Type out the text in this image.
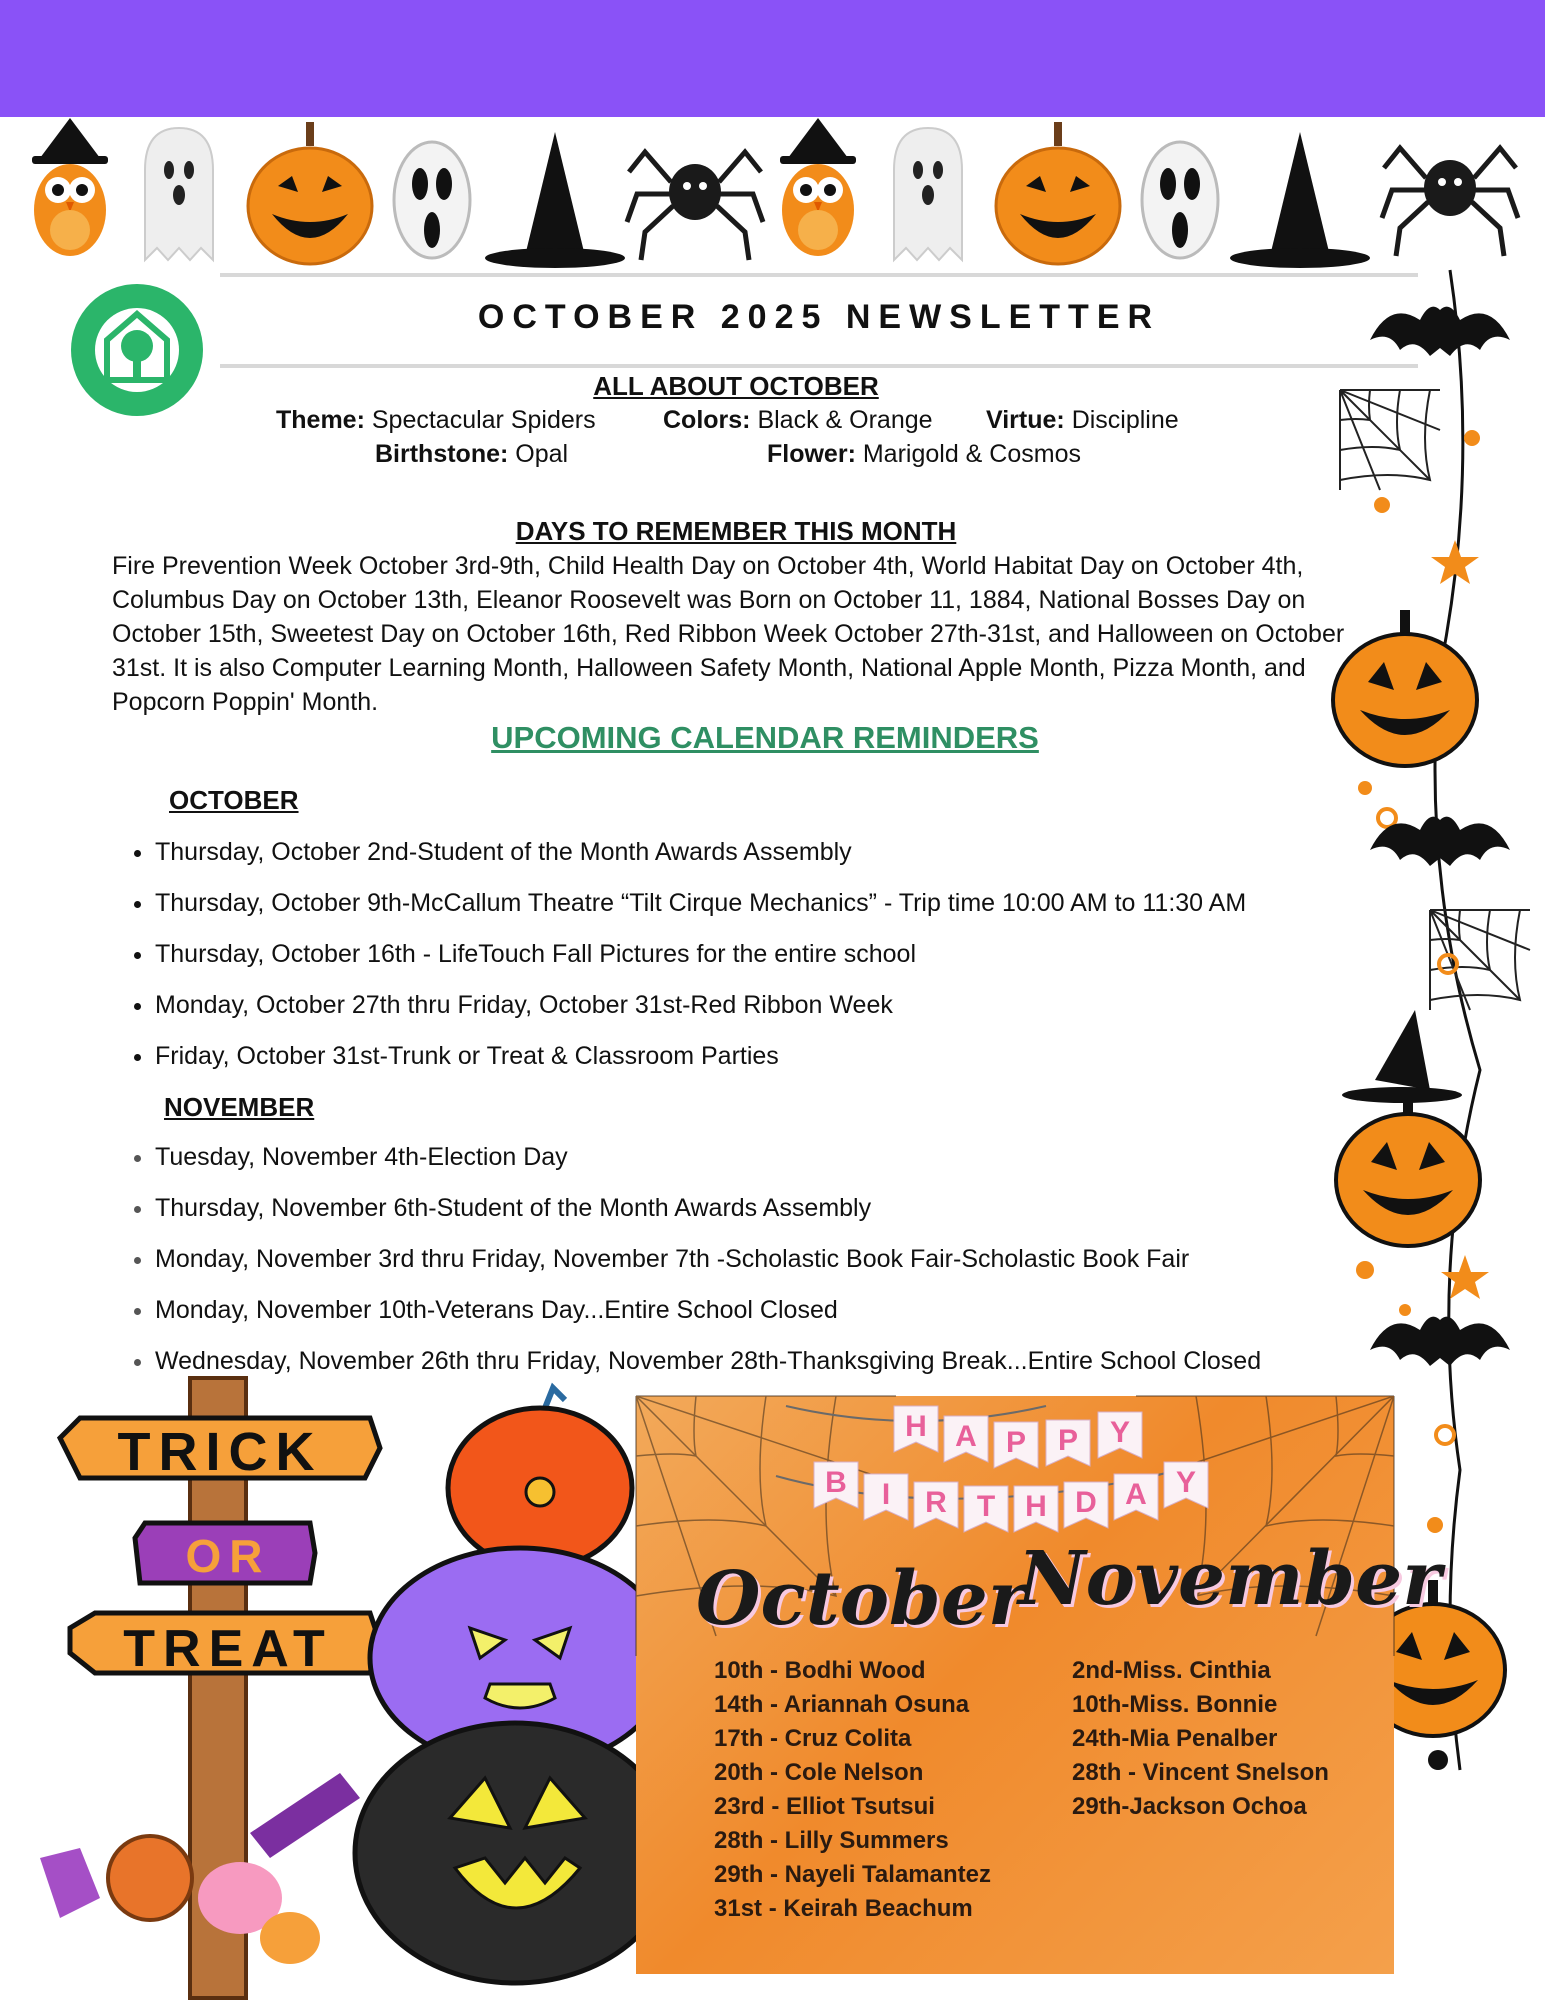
OCTOBER 2025 NEWSLETTER
ALL ABOUT OCTOBER
Theme: Spectacular Spiders	Colors: Black & Orange Virtue: Discipline
Birthstone: Opal	Flower: Marigold & Cosmos
DAYS TO REMEMBER THIS MONTH
Fire Prevention Week October 3rd-9th, Child Health Day on October 4th, World Habitat Day on October 4th, Columbus Day on October 13th, Eleanor Roosevelt was Born on October 11, 1884, National Bosses Day on October 15th, Sweetest Day on October 16th, Red Ribbon Week October 27th-31st, and Halloween on October 31st. It is also Computer Learning Month, Halloween Safety Month, National Apple Month, Pizza Month, and Popcorn Poppin' Month.
UPCOMING CALENDAR REMINDERS
OCTOBER
• Thursday, October 2nd-Student of the Month Awards Assembly
• Thursday, October 9th-McCallum Theatre “Tilt Cirque Mechanics” - Trip time 10:00 AM to 11:30 AM
• Thursday, October 16th - LifeTouch Fall Pictures for the entire school
• Monday, October 27th thru Friday, October 31st-Red Ribbon Week
• Friday, October 31st-Trunk or Treat & Classroom Parties
NOVEMBER
• Tuesday, November 4th-Election Day
• Thursday, November 6th-Student of the Month Awards Assembly
• Monday, November 3rd thru Friday, November 7th -Scholastic Book Fair-Scholastic Book Fair
• Monday, November 10th-Veterans Day...Entire School Closed
• Wednesday, November 26th thru Friday, November 28th-Thanksgiving Break...Entire School Closed
TRICK
OR
TREAT
H A P P Y
B I R T H D A Y
October
November
10th - Bodhi Wood
14th - Ariannah Osuna
17th - Cruz Colita
20th - Cole Nelson
23rd - Elliot Tsutsui
28th - Lilly Summers
29th - Nayeli Talamantez
31st - Keirah Beachum
2nd-Miss. Cinthia
10th-Miss. Bonnie
24th-Mia Penalber
28th - Vincent Snelson
29th-Jackson Ochoa
